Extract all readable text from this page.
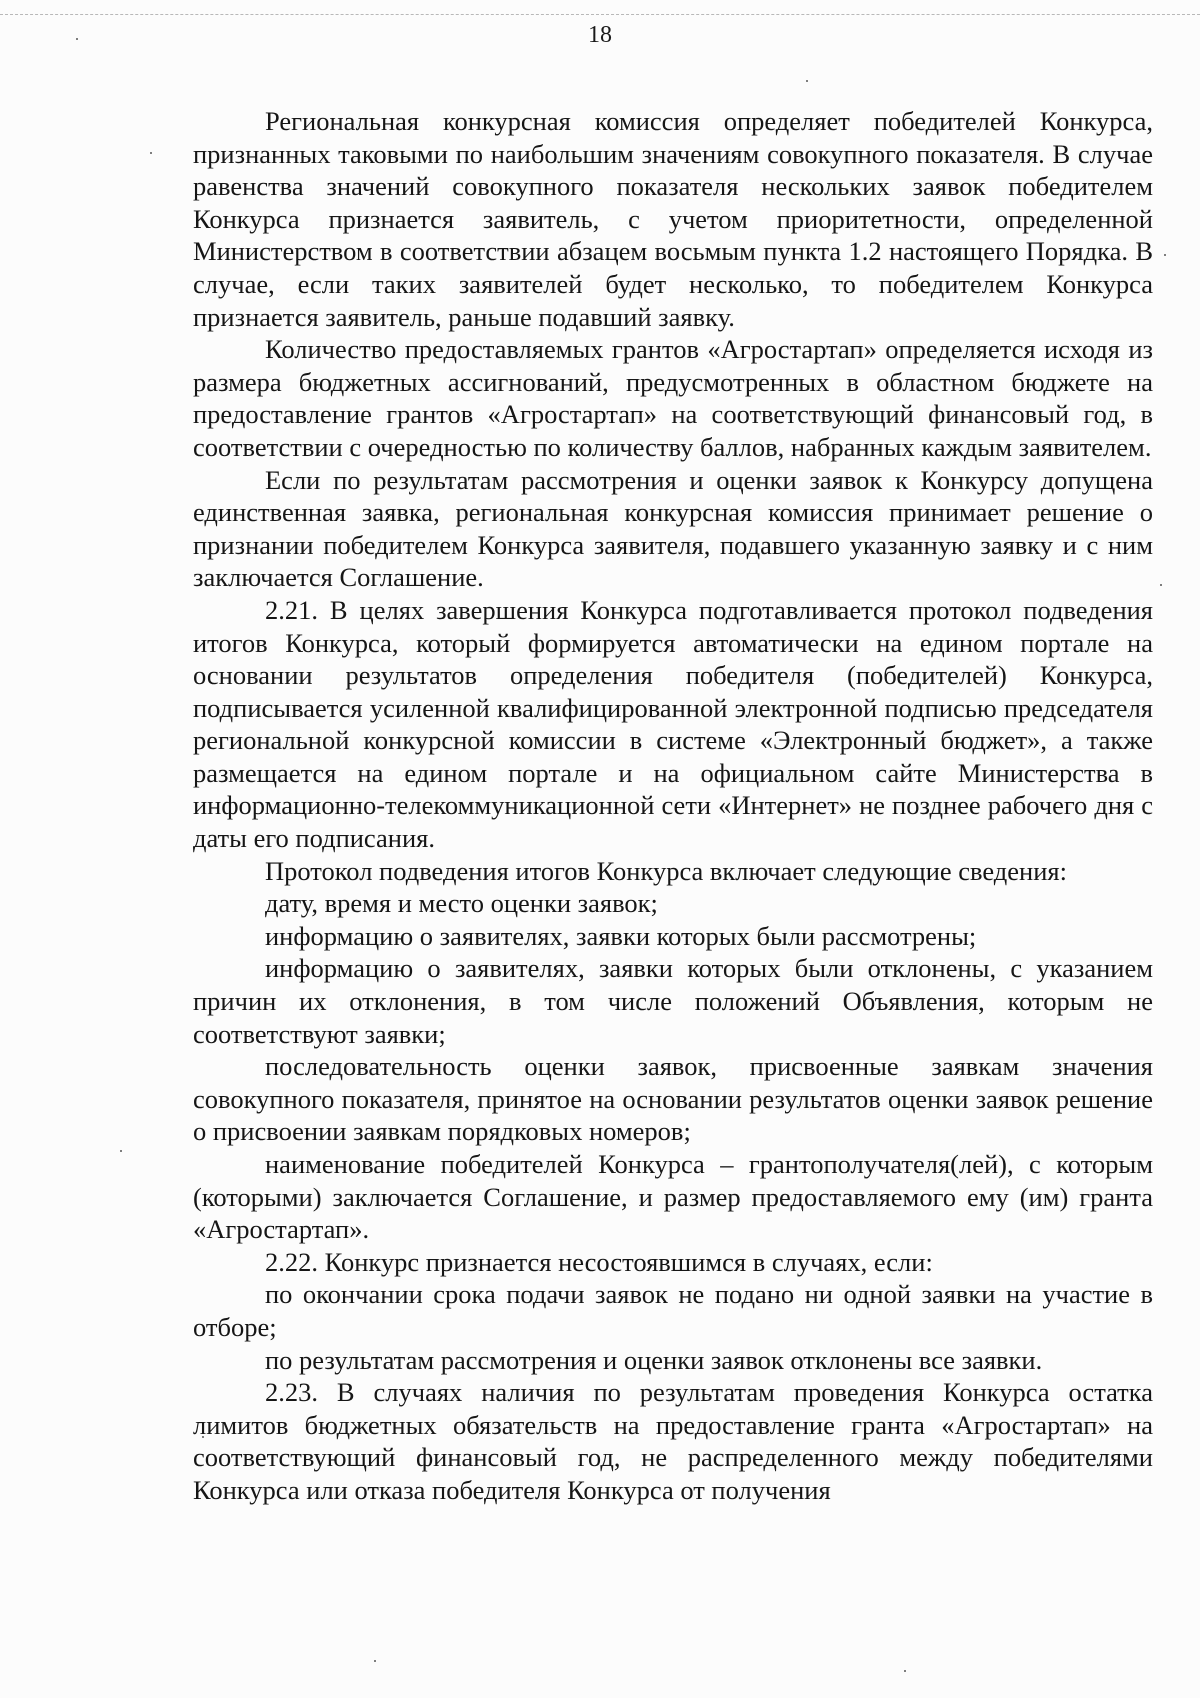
18

Региональная конкурсная комиссия определяет победителей Конкурса, признанных таковыми по наибольшим значениям совокупного показателя. В случае равенства значений совокупного показателя нескольких заявок победителем Конкурса признается заявитель, с учетом приоритетности, определенной Министерством в соответствии абзацем восьмым пункта 1.2 настоящего Порядка. В случае, если таких заявителей будет несколько, то победителем Конкурса признается заявитель, раньше подавший заявку.

Количество предоставляемых грантов «Агростартап» определяется исходя из размера бюджетных ассигнований, предусмотренных в областном бюджете на предоставление грантов «Агростартап» на соответствующий финансовый год, в соответствии с очередностью по количеству баллов, набранных каждым заявителем.

Если по результатам рассмотрения и оценки заявок к Конкурсу допущена единственная заявка, региональная конкурсная комиссия принимает решение о признании победителем Конкурса заявителя, подавшего указанную заявку и с ним заключается Соглашение.

2.21. В целях завершения Конкурса подготавливается протокол подведения итогов Конкурса, который формируется автоматически на едином портале на основании результатов определения победителя (победителей) Конкурса, подписывается усиленной квалифицированной электронной подписью председателя региональной конкурсной комиссии в системе «Электронный бюджет», а также размещается на едином портале и на официальном сайте Министерства в информационно-телекоммуникационной сети «Интернет» не позднее рабочего дня с даты его подписания.

Протокол подведения итогов Конкурса включает следующие сведения:

дату, время и место оценки заявок;

информацию о заявителях, заявки которых были рассмотрены;

информацию о заявителях, заявки которых были отклонены, с указанием причин их отклонения, в том числе положений Объявления, которым не соответствуют заявки;

последовательность оценки заявок, присвоенные заявкам значения совокупного показателя, принятое на основании результатов оценки заявок решение о присвоении заявкам порядковых номеров;

наименование победителей Конкурса – грантополучателя(лей), с которым (которыми) заключается Соглашение, и размер предоставляемого ему (им) гранта «Агростартап».

2.22. Конкурс признается несостоявшимся в случаях, если:

по окончании срока подачи заявок не подано ни одной заявки на участие в отборе;

по результатам рассмотрения и оценки заявок отклонены все заявки.

2.23. В случаях наличия по результатам проведения Конкурса остатка лимитов бюджетных обязательств на предоставление гранта «Агростартап» на соответствующий финансовый год, не распределенного между победителями Конкурса или отказа победителя Конкурса от получения
